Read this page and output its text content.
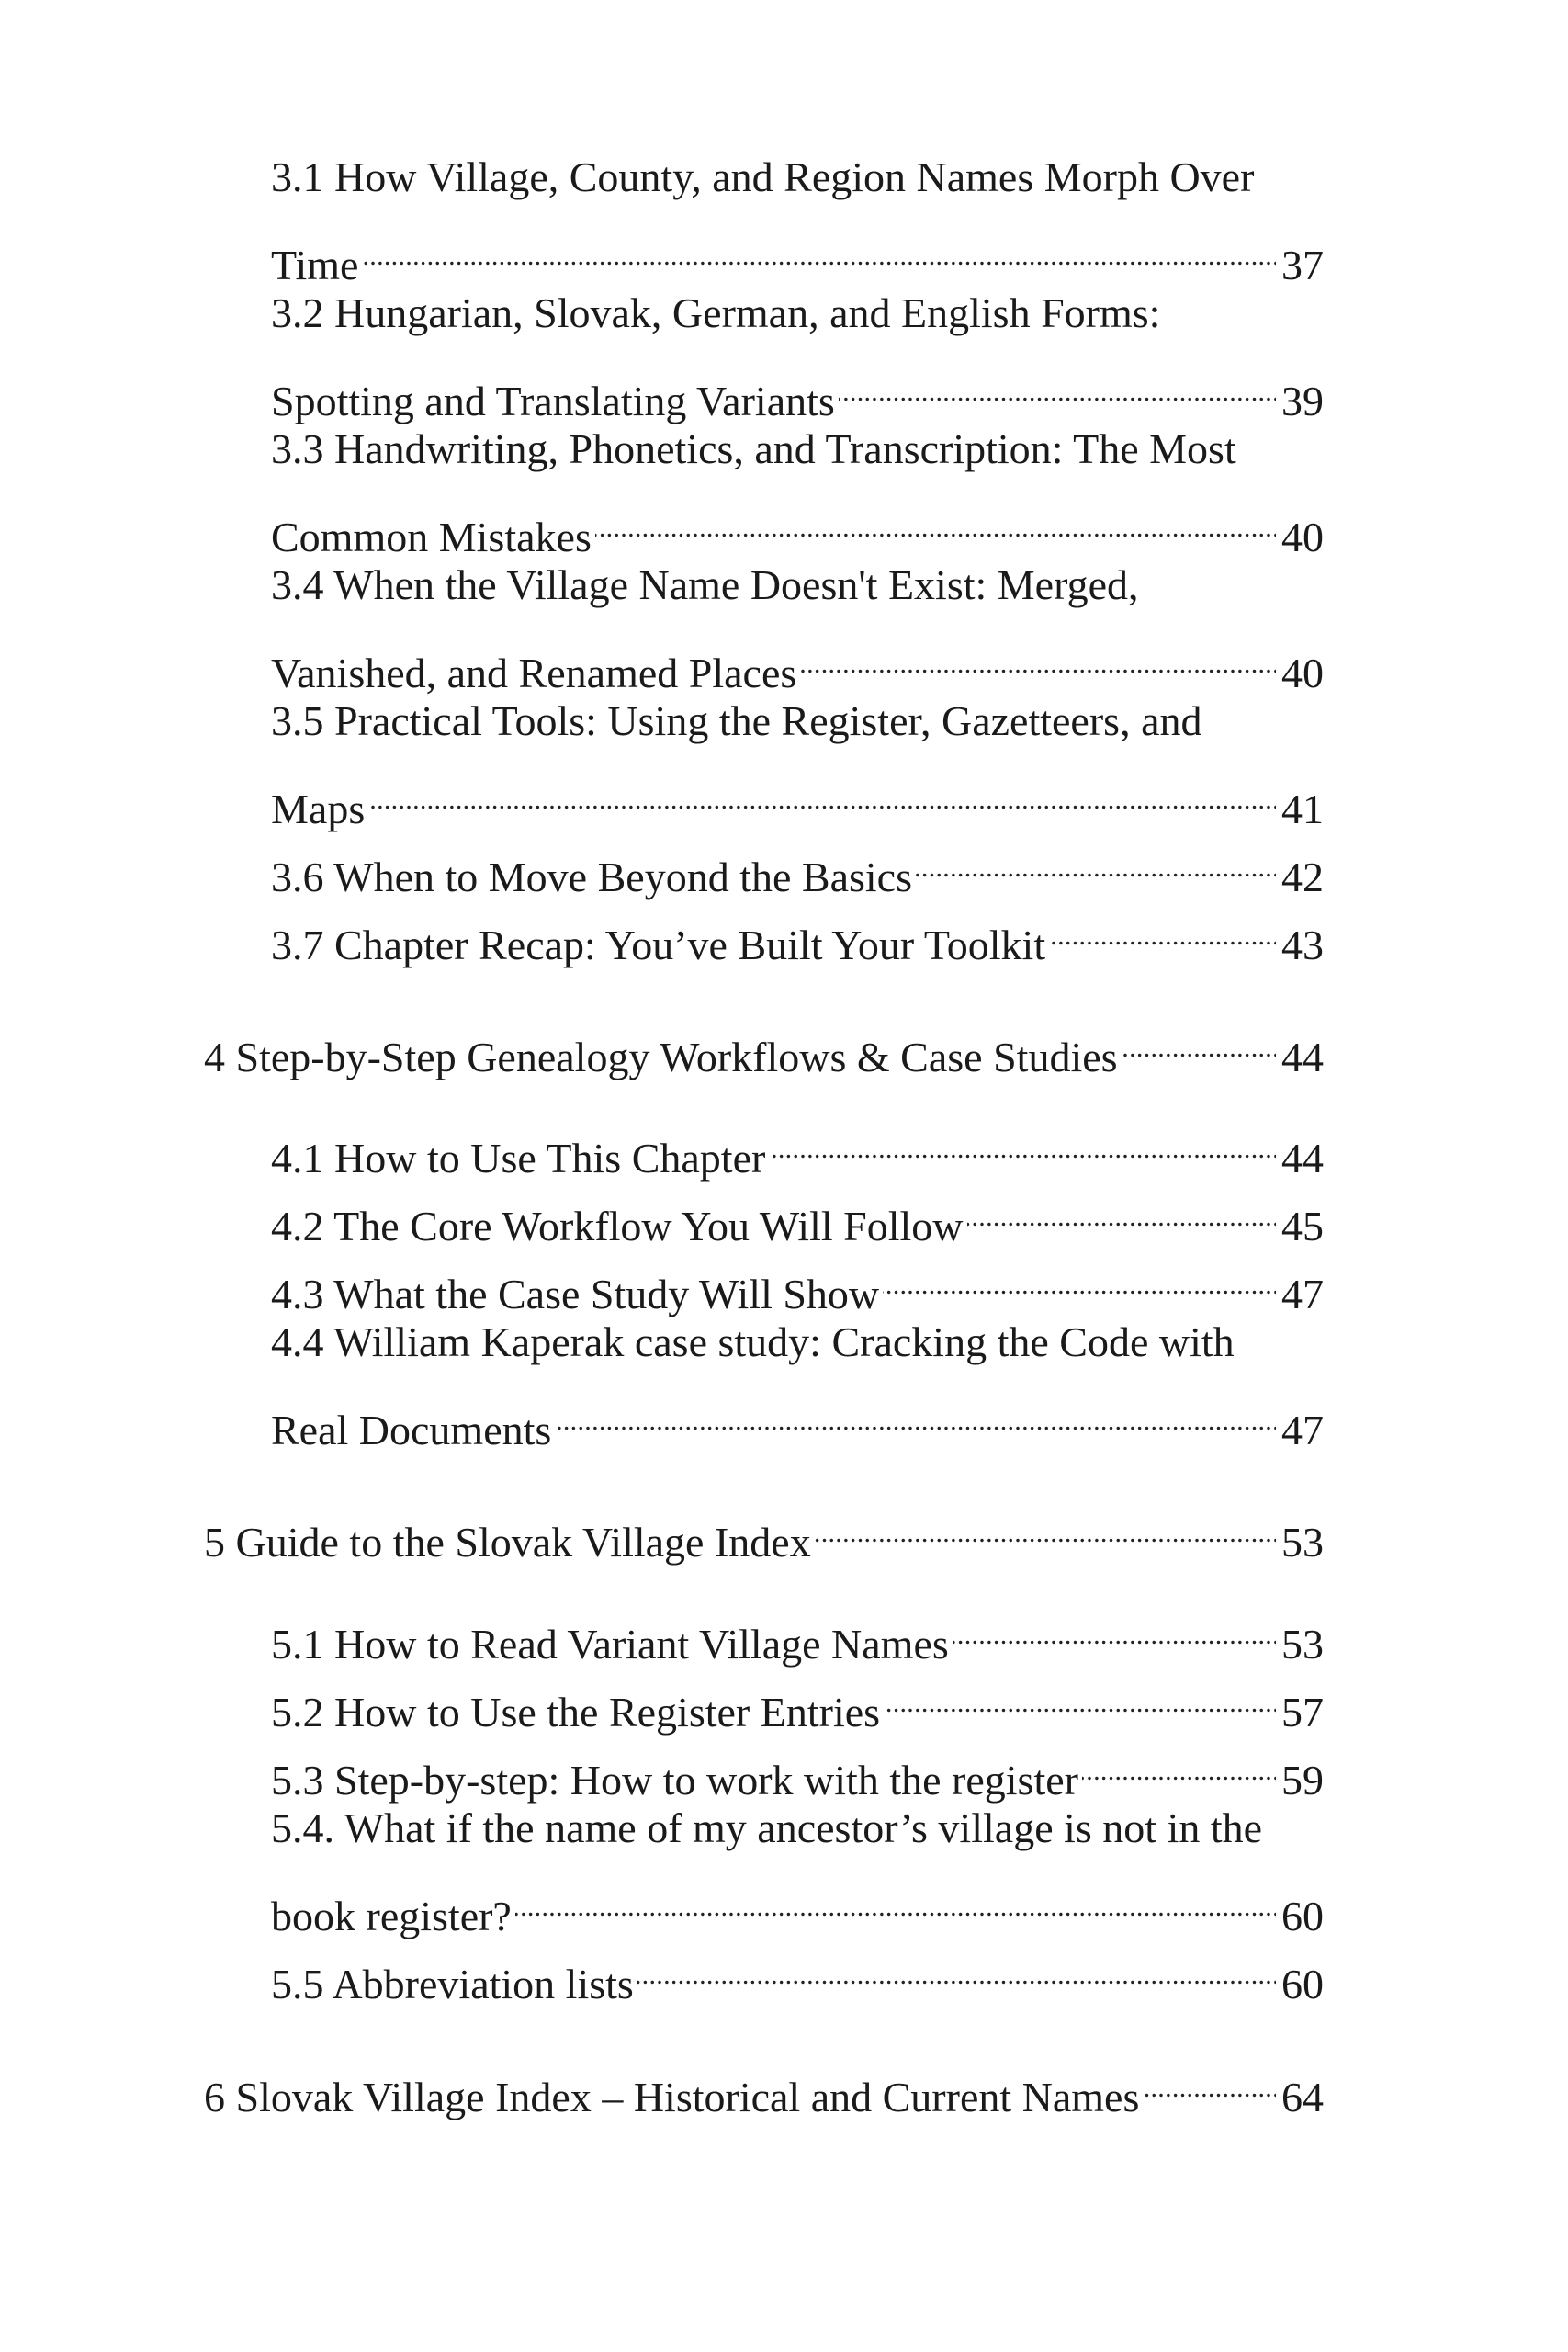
3.1 How Village, County, and Region Names Morph Over
Time . . .	37
3.2 Hungarian, Slovak, German, and English Forms:
Spotting and Translating Variants . . .	39
3.3 Handwriting, Phonetics, and Transcription: The Most
Common Mistakes . . .	40
3.4 When the Village Name Doesn't Exist: Merged,
Vanished, and Renamed Places . . .	40
3.5 Practical Tools: Using the Register, Gazetteers, and
Maps . . .	41
3.6 When to Move Beyond the Basics . . .	42
3.7 Chapter Recap: You’ve Built Your Toolkit . . .	43
4 Step-by-Step Genealogy Workflows & Case Studies . . .	44
4.1 How to Use This Chapter . . .	44
4.2 The Core Workflow You Will Follow . . .	45
4.3 What the Case Study Will Show . . .	47
4.4 William Kaperak case study: Cracking the Code with
Real Documents . . .	47
5 Guide to the Slovak Village Index . . .	53
5.1 How to Read Variant Village Names . . .	53
5.2 How to Use the Register Entries . . .	57
5.3 Step-by-step: How to work with the register . . .	59
5.4. What if the name of my ancestor’s village is not in the
book register? . . .	60
5.5 Abbreviation lists . . .	60
6 Slovak Village Index – Historical and Current Names . . .	64
